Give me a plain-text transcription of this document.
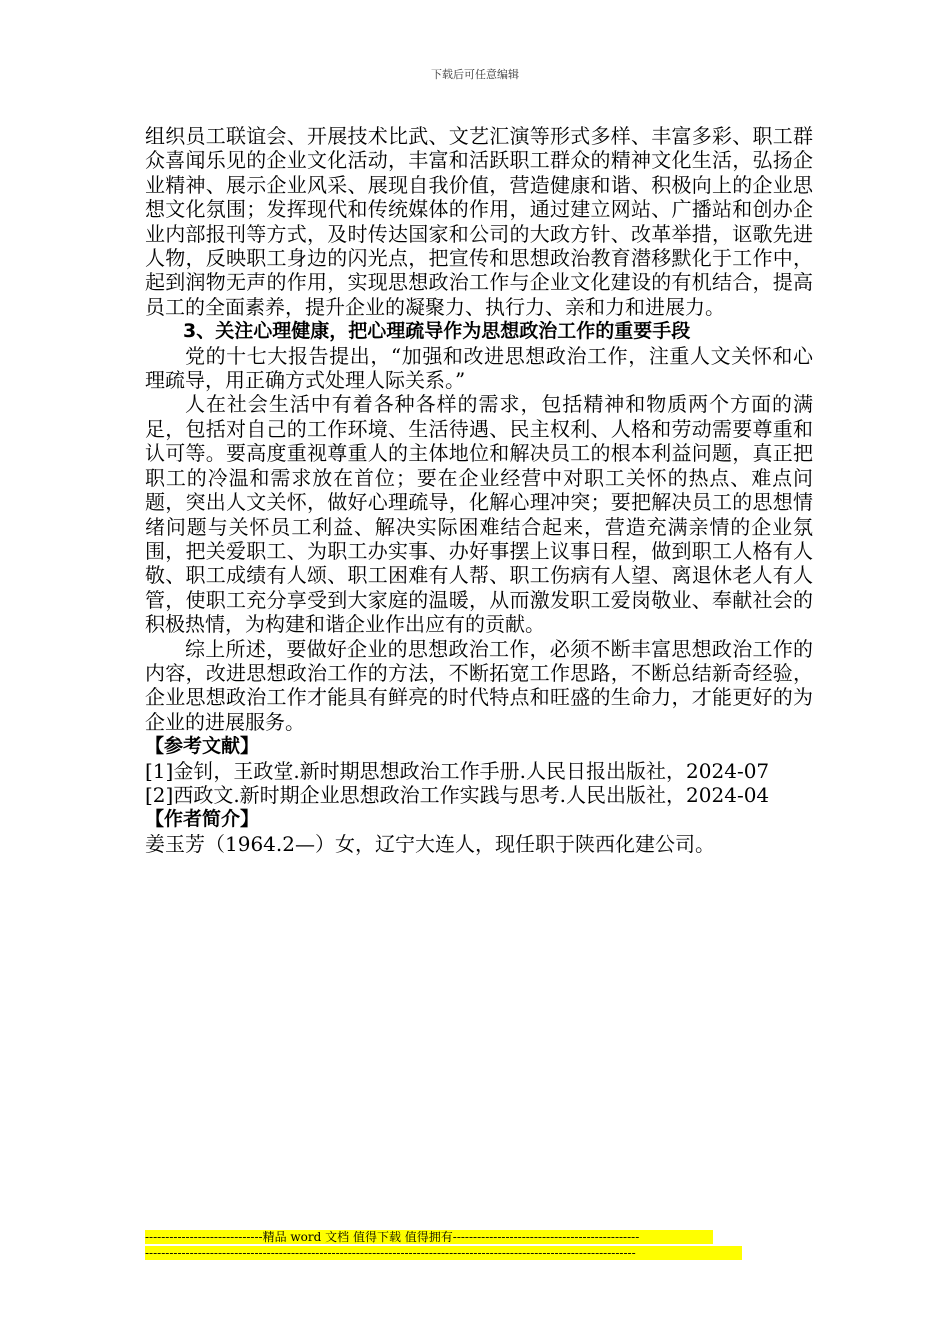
下载后可任意编辑

组织员工联谊会、开展技术比武、文艺汇演等形式多样、丰富多彩、职工群众喜闻乐见的企业文化活动，丰富和活跃职工群众的精神文化生活，弘扬企业精神、展示企业风采、展现自我价值，营造健康和谐、积极向上的企业思想文化氛围；发挥现代和传统媒体的作用，通过建立网站、广播站和创办企业内部报刊等方式，及时传达国家和公司的大政方针、改革举措，讴歌先进人物，反映职工身边的闪光点，把宣传和思想政治教育潜移默化于工作中，起到润物无声的作用，实现思想政治工作与企业文化建设的有机结合，提高员工的全面素养，提升企业的凝聚力、执行力、亲和力和进展力。

3、关注心理健康，把心理疏导作为思想政治工作的重要手段

党的十七大报告提出，“加强和改进思想政治工作，注重人文关怀和心理疏导，用正确方式处理人际关系。”

人在社会生活中有着各种各样的需求，包括精神和物质两个方面的满足，包括对自己的工作环境、生活待遇、民主权利、人格和劳动需要尊重和认可等。要高度重视尊重人的主体地位和解决员工的根本利益问题，真正把职工的冷温和需求放在首位；要在企业经营中对职工关怀的热点、难点问题，突出人文关怀，做好心理疏导，化解心理冲突；要把解决员工的思想情绪问题与关怀员工利益、解决实际困难结合起来，营造充满亲情的企业氛围，把关爱职工、为职工办实事、办好事摆上议事日程，做到职工人格有人敬、职工成绩有人颂、职工困难有人帮、职工伤病有人望、离退休老人有人管，使职工充分享受到大家庭的温暖，从而激发职工爱岗敬业、奉献社会的积极热情，为构建和谐企业作出应有的贡献。

综上所述，要做好企业的思想政治工作，必须不断丰富思想政治工作的内容，改进思想政治工作的方法，不断拓宽工作思路，不断总结新奇经验，企业思想政治工作才能具有鲜亮的时代特点和旺盛的生命力，才能更好的为企业的进展服务。

【参考文献】

[1]金钊，王政堂.新时期思想政治工作手册.人民日报出版社，2024-07

[2]西政文.新时期企业思想政治工作实践与思考.人民出版社，2024-04

【作者简介】

姜玉芳（1964.2—）女，辽宁大连人，现任职于陕西化建公司。

-----------------------------精品 word 文档 值得下载 值得拥有----------------------------------------------
-------------------------------------------------------------------------------------------------------------------------
